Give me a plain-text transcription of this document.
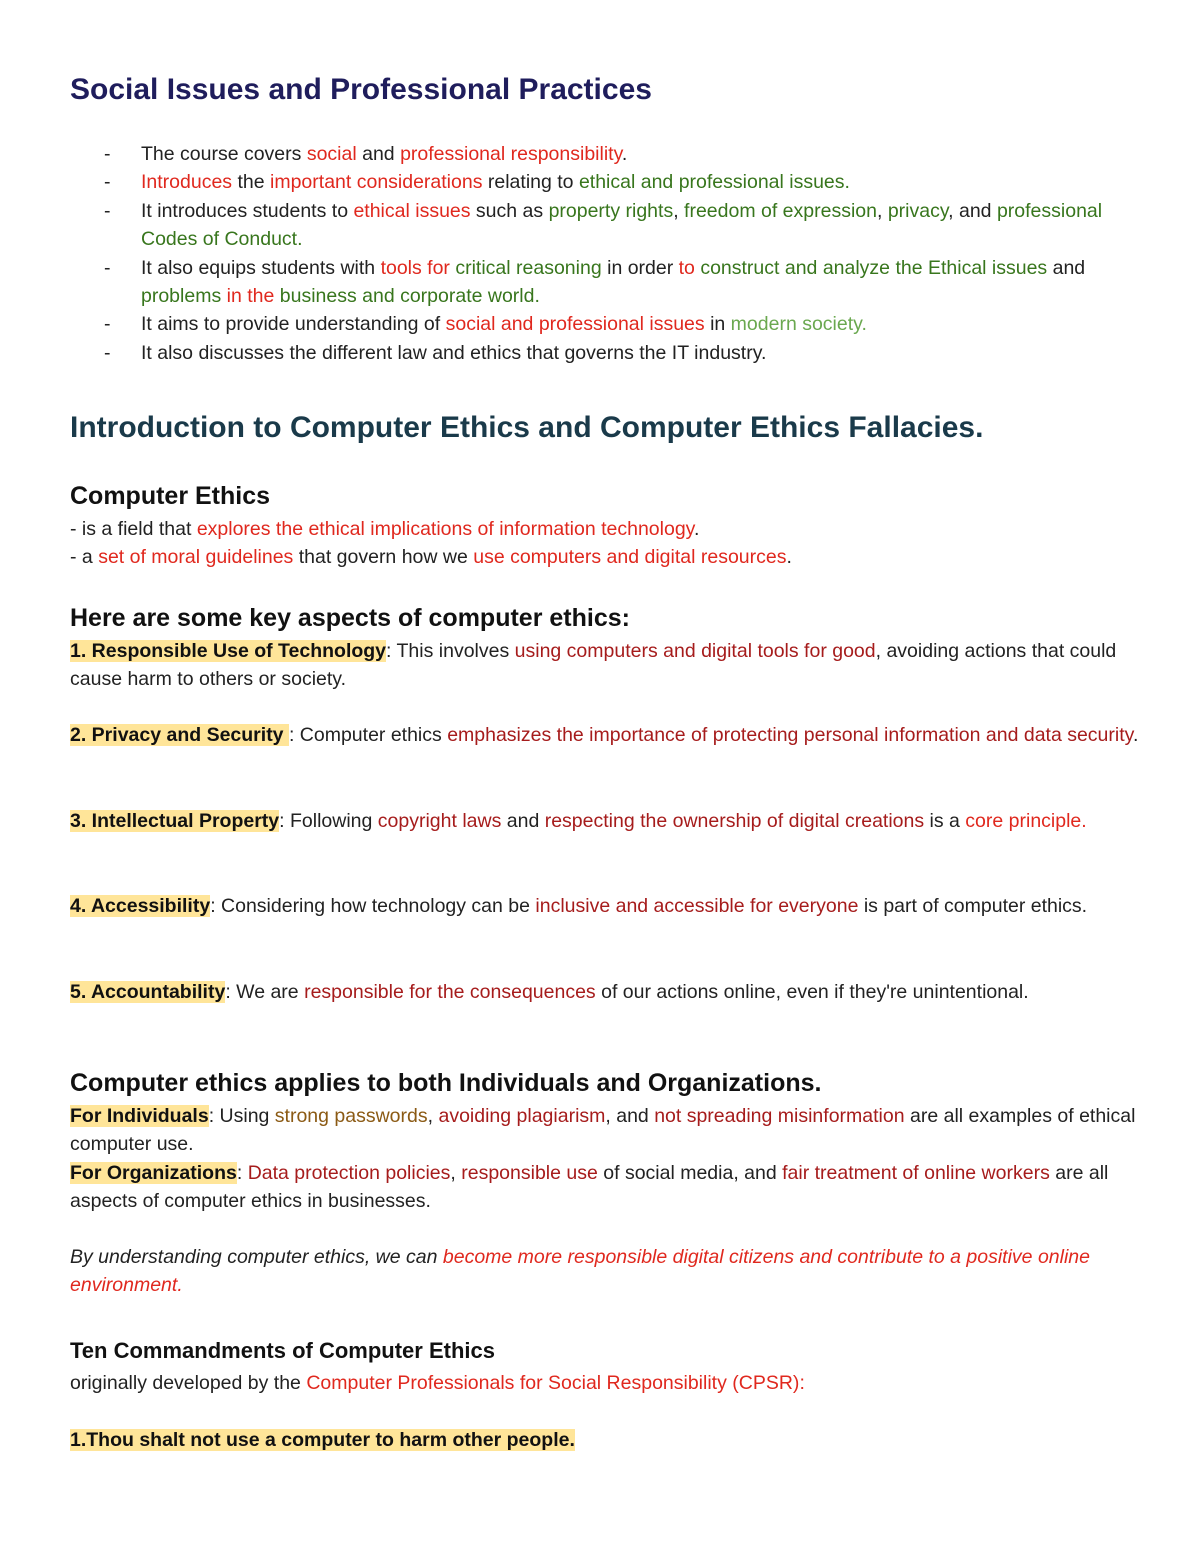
Social Issues and Professional Practices
- The course covers social and professional responsibility.
- Introduces the important considerations relating to ethical and professional issues.
- It introduces students to ethical issues such as property rights, freedom of expression, privacy, and professional Codes of Conduct.
- It also equips students with tools for critical reasoning in order to construct and analyze the Ethical issues and problems in the business and corporate world.
- It aims to provide understanding of social and professional issues in modern society.
- It also discusses the different law and ethics that governs the IT industry.
Introduction to Computer Ethics and Computer Ethics Fallacies.
Computer Ethics
- is a field that explores the ethical implications of information technology.
- a set of moral guidelines that govern how we use computers and digital resources.
Here are some key aspects of computer ethics:
1. Responsible Use of Technology: This involves using computers and digital tools for good, avoiding actions that could cause harm to others or society.
2. Privacy and Security : Computer ethics emphasizes the importance of protecting personal information and data security.
3. Intellectual Property: Following copyright laws and respecting the ownership of digital creations is a core principle.
4. Accessibility: Considering how technology can be inclusive and accessible for everyone is part of computer ethics.
5. Accountability: We are responsible for the consequences of our actions online, even if they're unintentional.
Computer ethics applies to both Individuals and Organizations.
For Individuals: Using strong passwords, avoiding plagiarism, and not spreading misinformation are all examples of ethical computer use.
For Organizations: Data protection policies, responsible use of social media, and fair treatment of online workers are all aspects of computer ethics in businesses.
By understanding computer ethics, we can become more responsible digital citizens and contribute to a positive online environment.
Ten Commandments of Computer Ethics
originally developed by the Computer Professionals for Social Responsibility (CPSR):
1.Thou shalt not use a computer to harm other people.
